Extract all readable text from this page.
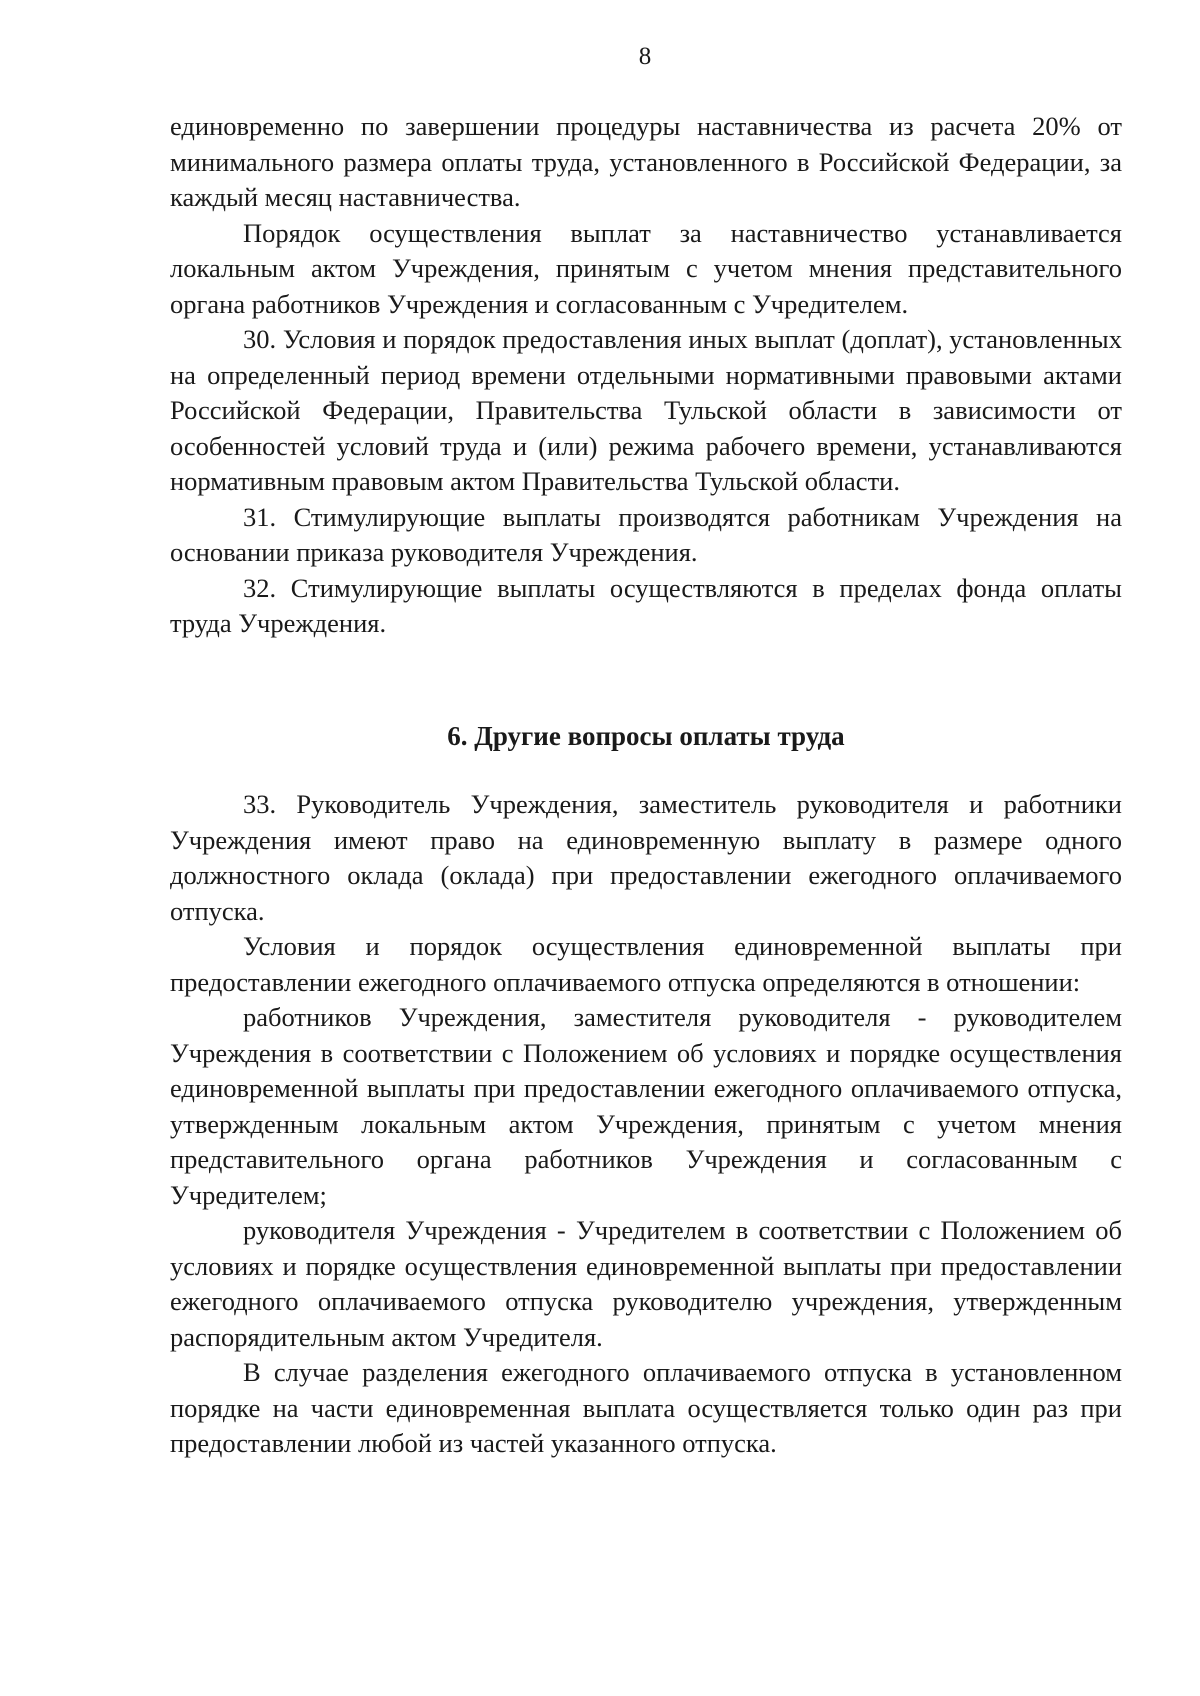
8

единовременно по завершении процедуры наставничества из расчета 20% от минимального размера оплаты труда, установленного в Российской Федерации, за каждый месяц наставничества.

Порядок осуществления выплат за наставничество устанавливается локальным актом Учреждения, принятым с учетом мнения представительного органа работников Учреждения и согласованным с Учредителем.

30. Условия и порядок предоставления иных выплат (доплат), установленных на определенный период времени отдельными нормативными правовыми актами Российской Федерации, Правительства Тульской области в зависимости от особенностей условий труда и (или) режима рабочего времени, устанавливаются нормативным правовым актом Правительства Тульской области.

31. Стимулирующие выплаты производятся работникам Учреждения на основании приказа руководителя Учреждения.

32. Стимулирующие выплаты осуществляются в пределах фонда оплаты труда Учреждения.

6. Другие вопросы оплаты труда

33. Руководитель Учреждения, заместитель руководителя и работники Учреждения имеют право на единовременную выплату в размере одного должностного оклада (оклада) при предоставлении ежегодного оплачиваемого отпуска.

Условия и порядок осуществления единовременной выплаты при предоставлении ежегодного оплачиваемого отпуска определяются в отношении:

работников Учреждения, заместителя руководителя - руководителем Учреждения в соответствии с Положением об условиях и порядке осуществления единовременной выплаты при предоставлении ежегодного оплачиваемого отпуска, утвержденным локальным актом Учреждения, принятым с учетом мнения представительного органа работников Учреждения и согласованным с Учредителем;

руководителя Учреждения - Учредителем в соответствии с Положением об условиях и порядке осуществления единовременной выплаты при предоставлении ежегодного оплачиваемого отпуска руководителю учреждения, утвержденным распорядительным актом Учредителя.

В случае разделения ежегодного оплачиваемого отпуска в установленном порядке на части единовременная выплата осуществляется только один раз при предоставлении любой из частей указанного отпуска.
